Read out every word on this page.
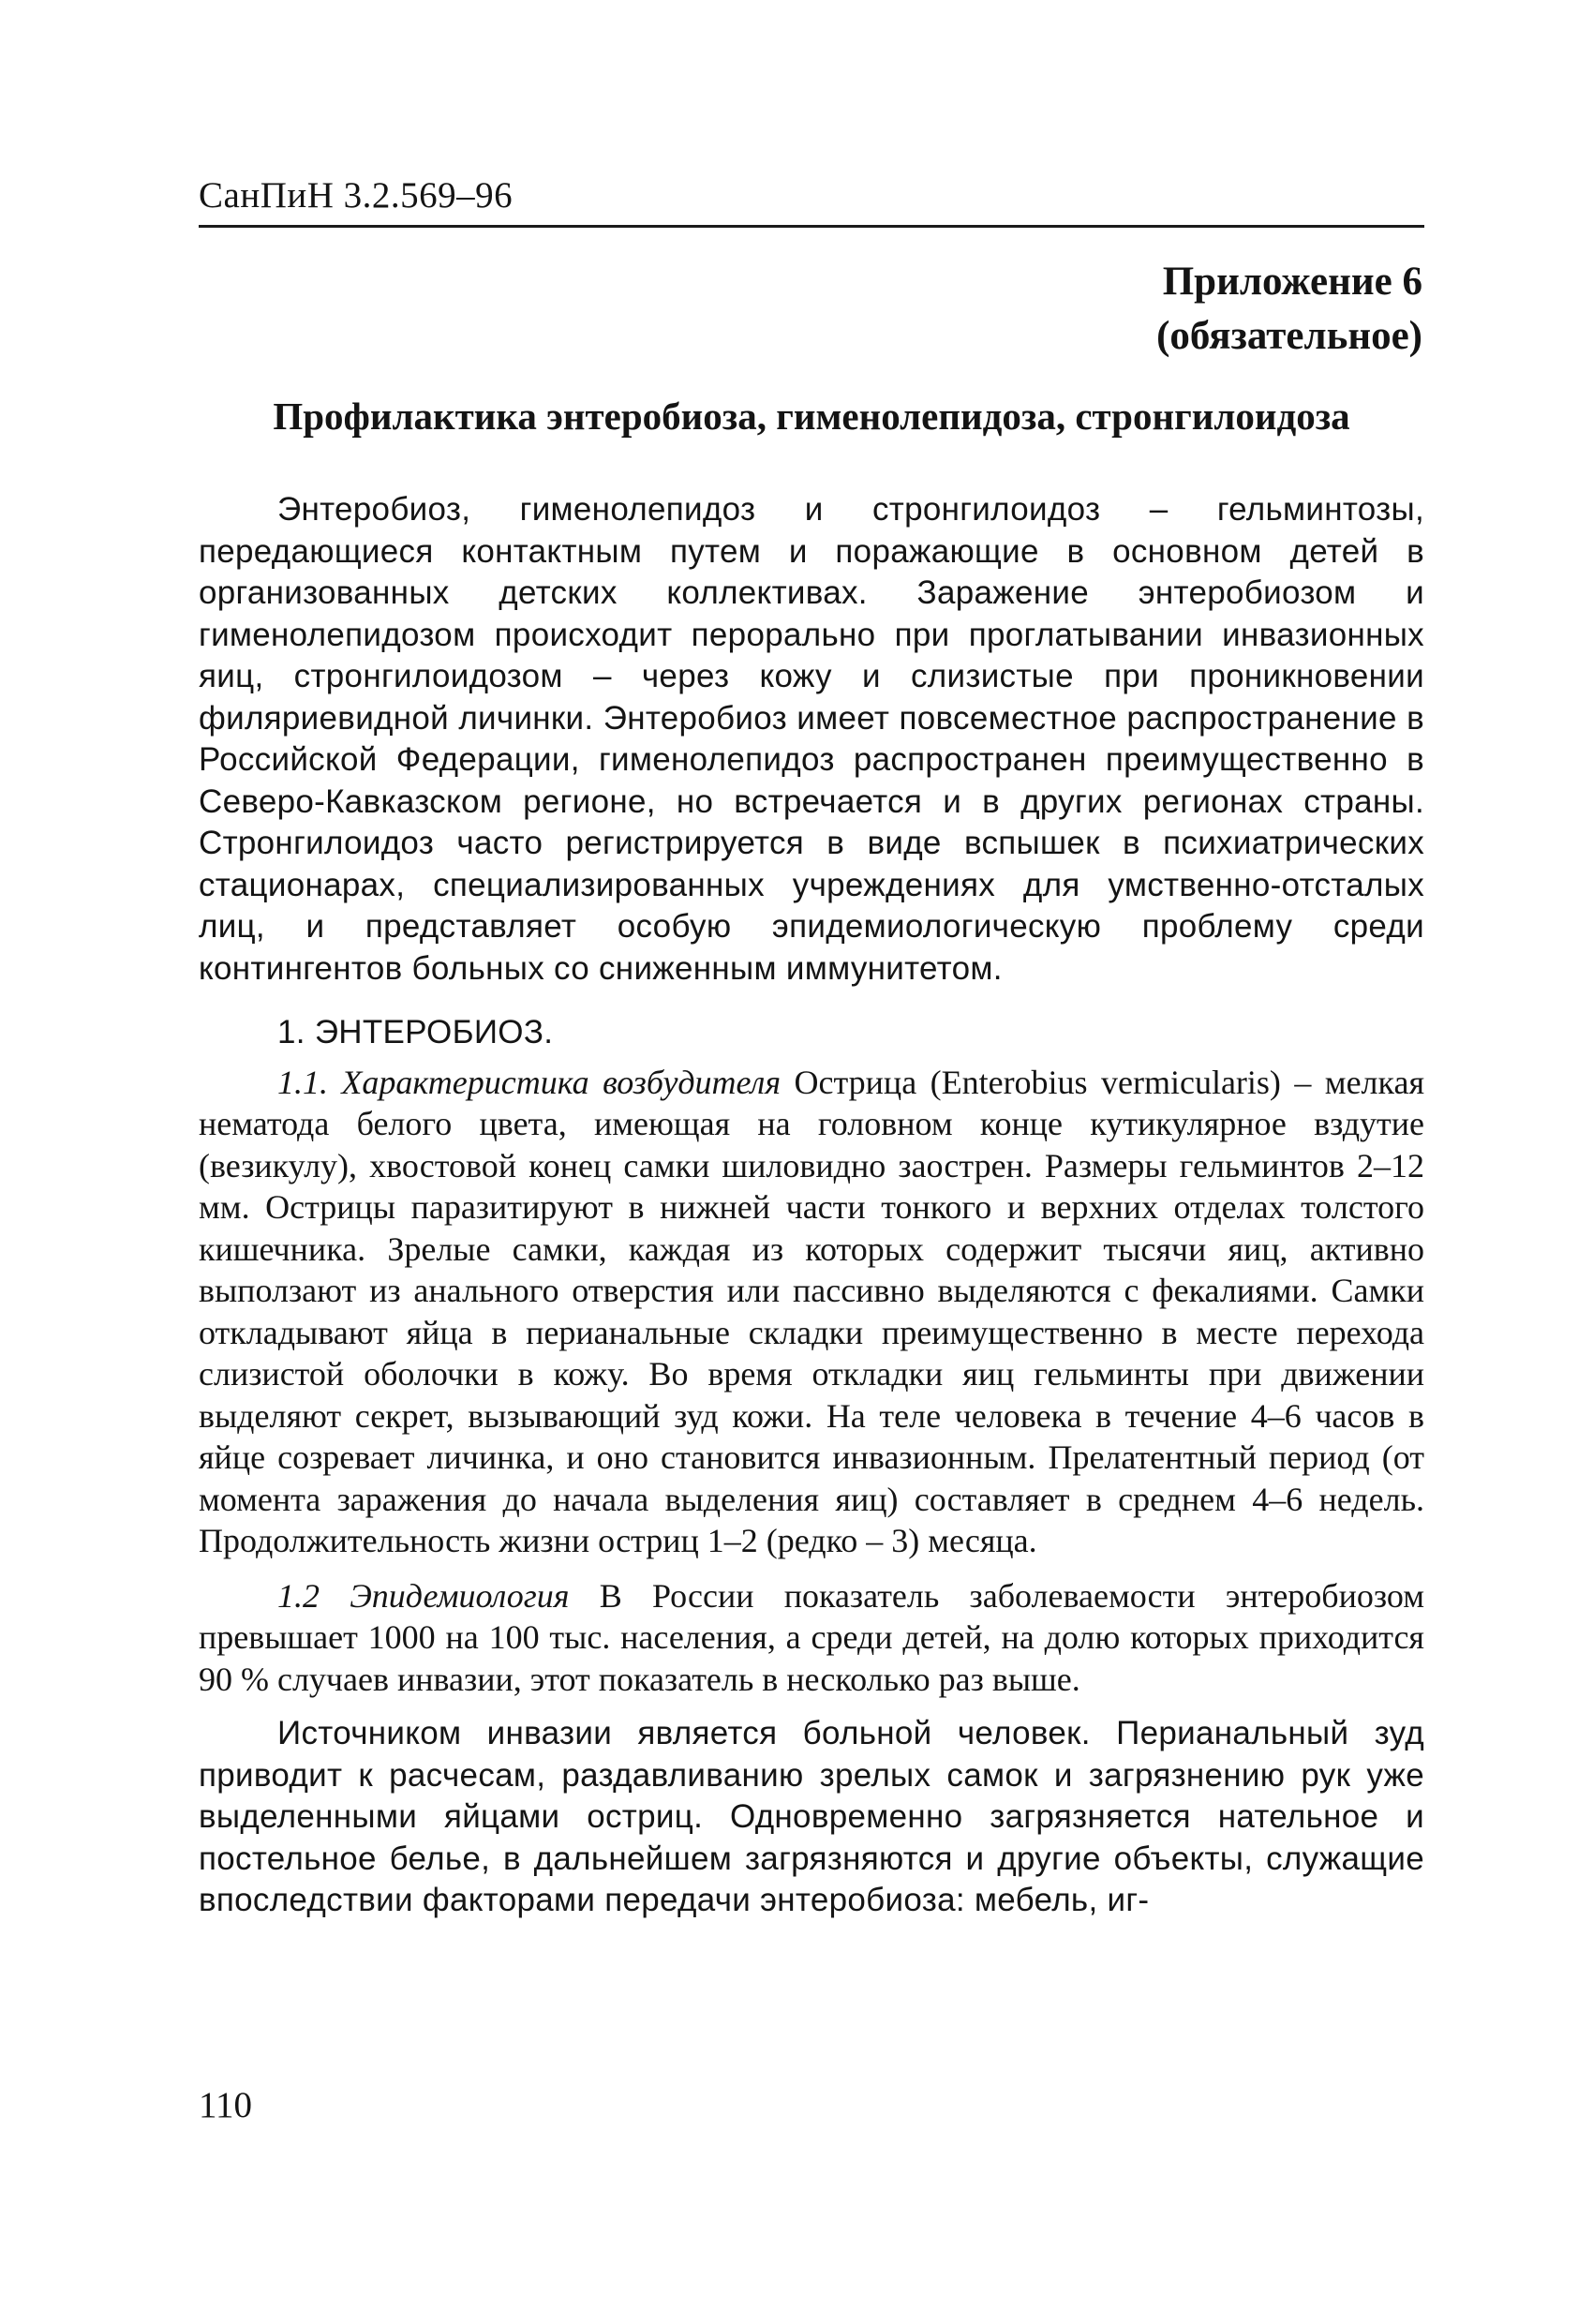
СанПиН 3.2.569–96
Приложение 6
(обязательное)
Профилактика энтеробиоза, гименолепидоза, стронгилоидоза

Энтеробиоз, гименолепидоз и стронгилоидоз – гельминтозы, передающиеся контактным путем и поражающие в основном детей в организованных детских коллективах. Заражение энтеробиозом и гименолепидозом происходит перорально при проглатывании инвазионных яиц, стронгилоидозом – через кожу и слизистые при проникновении филяриевидной личинки. Энтеробиоз имеет повсеместное распространение в Российской Федерации, гименолепидоз распространен преимущественно в Северо-Кавказском регионе, но встречается и в других регионах страны. Стронгилоидоз часто регистрируется в виде вспышек в психиатрических стационарах, специализированных учреждениях для умственно-отсталых лиц, и представляет особую эпидемиологическую проблему среди контингентов больных со сниженным иммунитетом.

1. ЭНТЕРОБИОЗ.

1.1. Характеристика возбудителя Острица (Enterobius vermicularis) – мелкая нематода белого цвета, имеющая на головном конце кутикулярное вздутие (везикулу), хвостовой конец самки шиловидно заострен. Размеры гельминтов 2–12 мм. Острицы паразитируют в нижней части тонкого и верхних отделах толстого кишечника. Зрелые самки, каждая из которых содержит тысячи яиц, активно выползают из анального отверстия или пассивно выделяются с фекалиями. Самки откладывают яйца в перианальные складки преимущественно в месте перехода слизистой оболочки в кожу. Во время откладки яиц гельминты при движении выделяют секрет, вызывающий зуд кожи. На теле человека в течение 4–6 часов в яйце созревает личинка, и оно становится инвазионным. Прелатентный период (от момента заражения до начала выделения яиц) составляет в среднем 4–6 недель. Продолжительность жизни остриц 1–2 (редко – 3) месяца.

1.2 Эпидемиология В России показатель заболеваемости энтеробиозом превышает 1000 на 100 тыс. населения, а среди детей, на долю которых приходится 90 % случаев инвазии, этот показатель в несколько раз выше.

Источником инвазии является больной человек. Перианальный зуд приводит к расчесам, раздавливанию зрелых самок и загрязнению рук уже выделенными яйцами остриц. Одновременно загрязняется нательное и постельное белье, в дальнейшем загрязняются и другие объекты, служащие впоследствии факторами передачи энтеробиоза: мебель, иг-

110
